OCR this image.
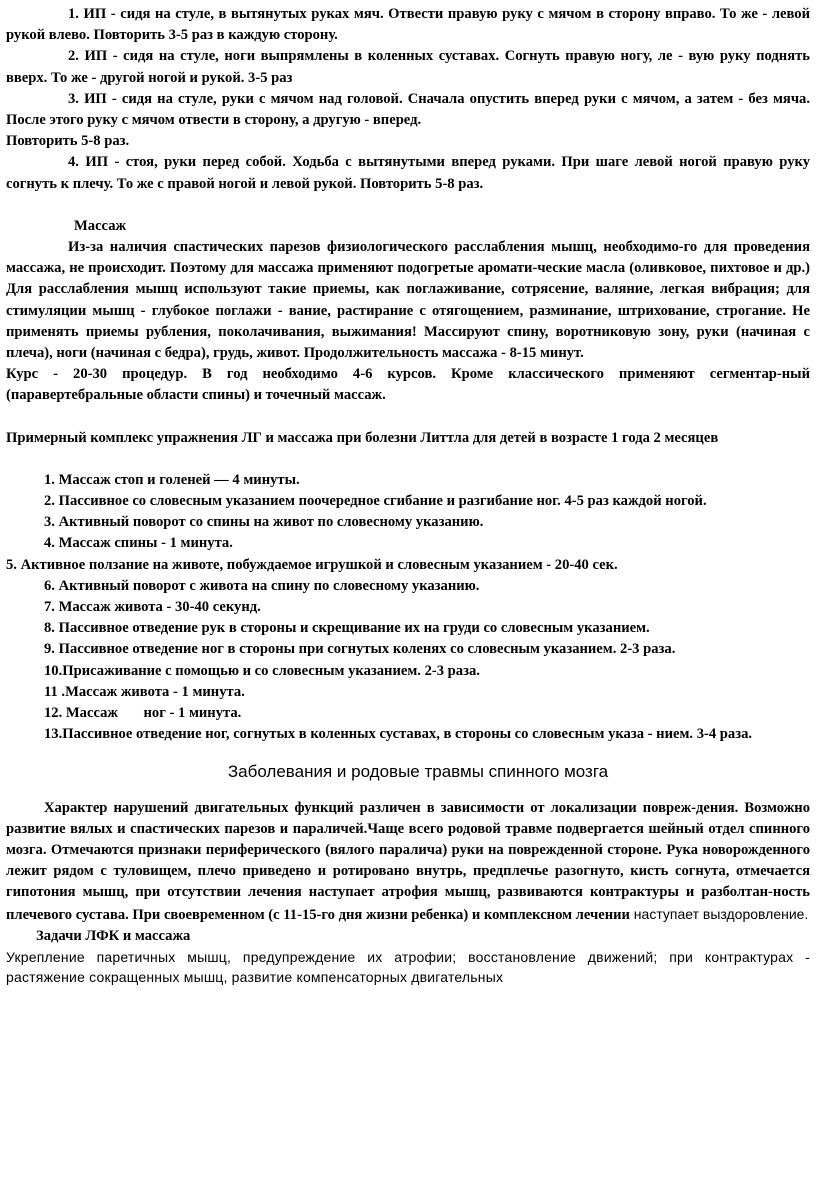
1. ИП - сидя на стуле, в вытянутых руках мяч. Отвести правую руку с мячом в сторону вправо. То же - левой рукой влево. Повторить 3-5 раз в каждую сторону.

2. ИП - сидя на стуле, ноги выпрямлены в коленных суставах. Согнуть правую ногу, ле - вую руку поднять вверх. То же - другой ногой и рукой. 3-5 раз

3. ИП - сидя на стуле, руки с мячом над головой. Сначала опустить вперед руки с мячом, а затем - без мяча. После этого руку с мячом отвести в сторону, а другую - вперед.

Повторить 5-8 раз.

4. ИП - стоя, руки перед собой. Ходьба с вытянутыми вперед руками. При шаге левой ногой правую руку согнуть к плечу. То же с правой ногой и левой рукой. Повторить 5-8 раз.

Массаж

Из-за наличия спастических парезов физиологического расслабления мышц, необходимо-го для проведения массажа, не происходит. Поэтому для массажа применяют подогретые аромати-ческие масла (оливковое, пихтовое и др.) Для расслабления мышц используют такие приемы, как поглаживание, сотрясение, валяние, легкая вибрация; для стимуляции мышц - глубокое поглажи - вание, растирание с отягощением, разминание, штрихование, строгание. Не применять приемы рубления, поколачивания, выжимания! Массируют спину, воротниковую зону, руки (начиная с плеча), ноги (начиная с бедра), грудь, живот. Продолжительность массажа - 8-15 минут.

Курс - 20-30 процедур. В год необходимо 4-6 курсов. Кроме классического применяют сегментар-ный (паравертебральные области спины) и точечный массаж.

Примерный комплекс упражнения ЛГ и массажа при болезни Литтла для детей в возрасте 1 года 2 месяцев

1. Массаж стоп и голеней — 4 минуты.
2. Пассивное со словесным указанием поочередное сгибание и разгибание ног. 4-5 раз каждой ногой.
3. Активный поворот со спины на живот по словесному указанию.
4. Массаж спины - 1 минута.
5. Активное ползание на животе, побуждаемое игрушкой и словесным указанием - 20-40 сек.
6. Активный поворот с живота на спину по словесному указанию.
7. Массаж живота - 30-40 секунд.
8. Пассивное отведение рук в стороны и скрещивание их на груди со словесным указанием.
9. Пассивное отведение ног в стороны при согнутых коленях со словесным указанием. 2-3 раза.
10.Присаживание с помощью и со словесным указанием. 2-3 раза.
11 .Массаж живота - 1 минута.
12. Массаж       ног - 1 минута.
13.Пассивное отведение ног, согнутых в коленных суставах, в стороны со словесным указа - нием. 3-4 раза.
Заболевания и родовые травмы спинного мозга

Характер нарушений двигательных функций различен в зависимости от локализации повреж-дения. Возможно развитие вялых и спастических парезов и параличей.Чаще всего родовой травме подвергается шейный отдел спинного мозга. Отмечаются признаки периферического (вялого паралича) руки на поврежденной стороне. Рука новорожденного лежит рядом с туловищем, плечо приведено и ротировано внутрь, предплечье разогнуто, кисть согнута, отмечается гипотония мышц, при отсутствии лечения наступает атрофия мышц, развиваются контрактуры и разболтан-ность плечевого сустава. При своевременном (с 11-15-го дня жизни ребенка) и комплексном лечении наступает выздоровление.

Задачи ЛФК и массажа

Укрепление паретичных мышц, предупреждение их атрофии; восстановление движений; при контрактурах - растяжение сокращенных мышц, развитие компенсаторных двигательных
